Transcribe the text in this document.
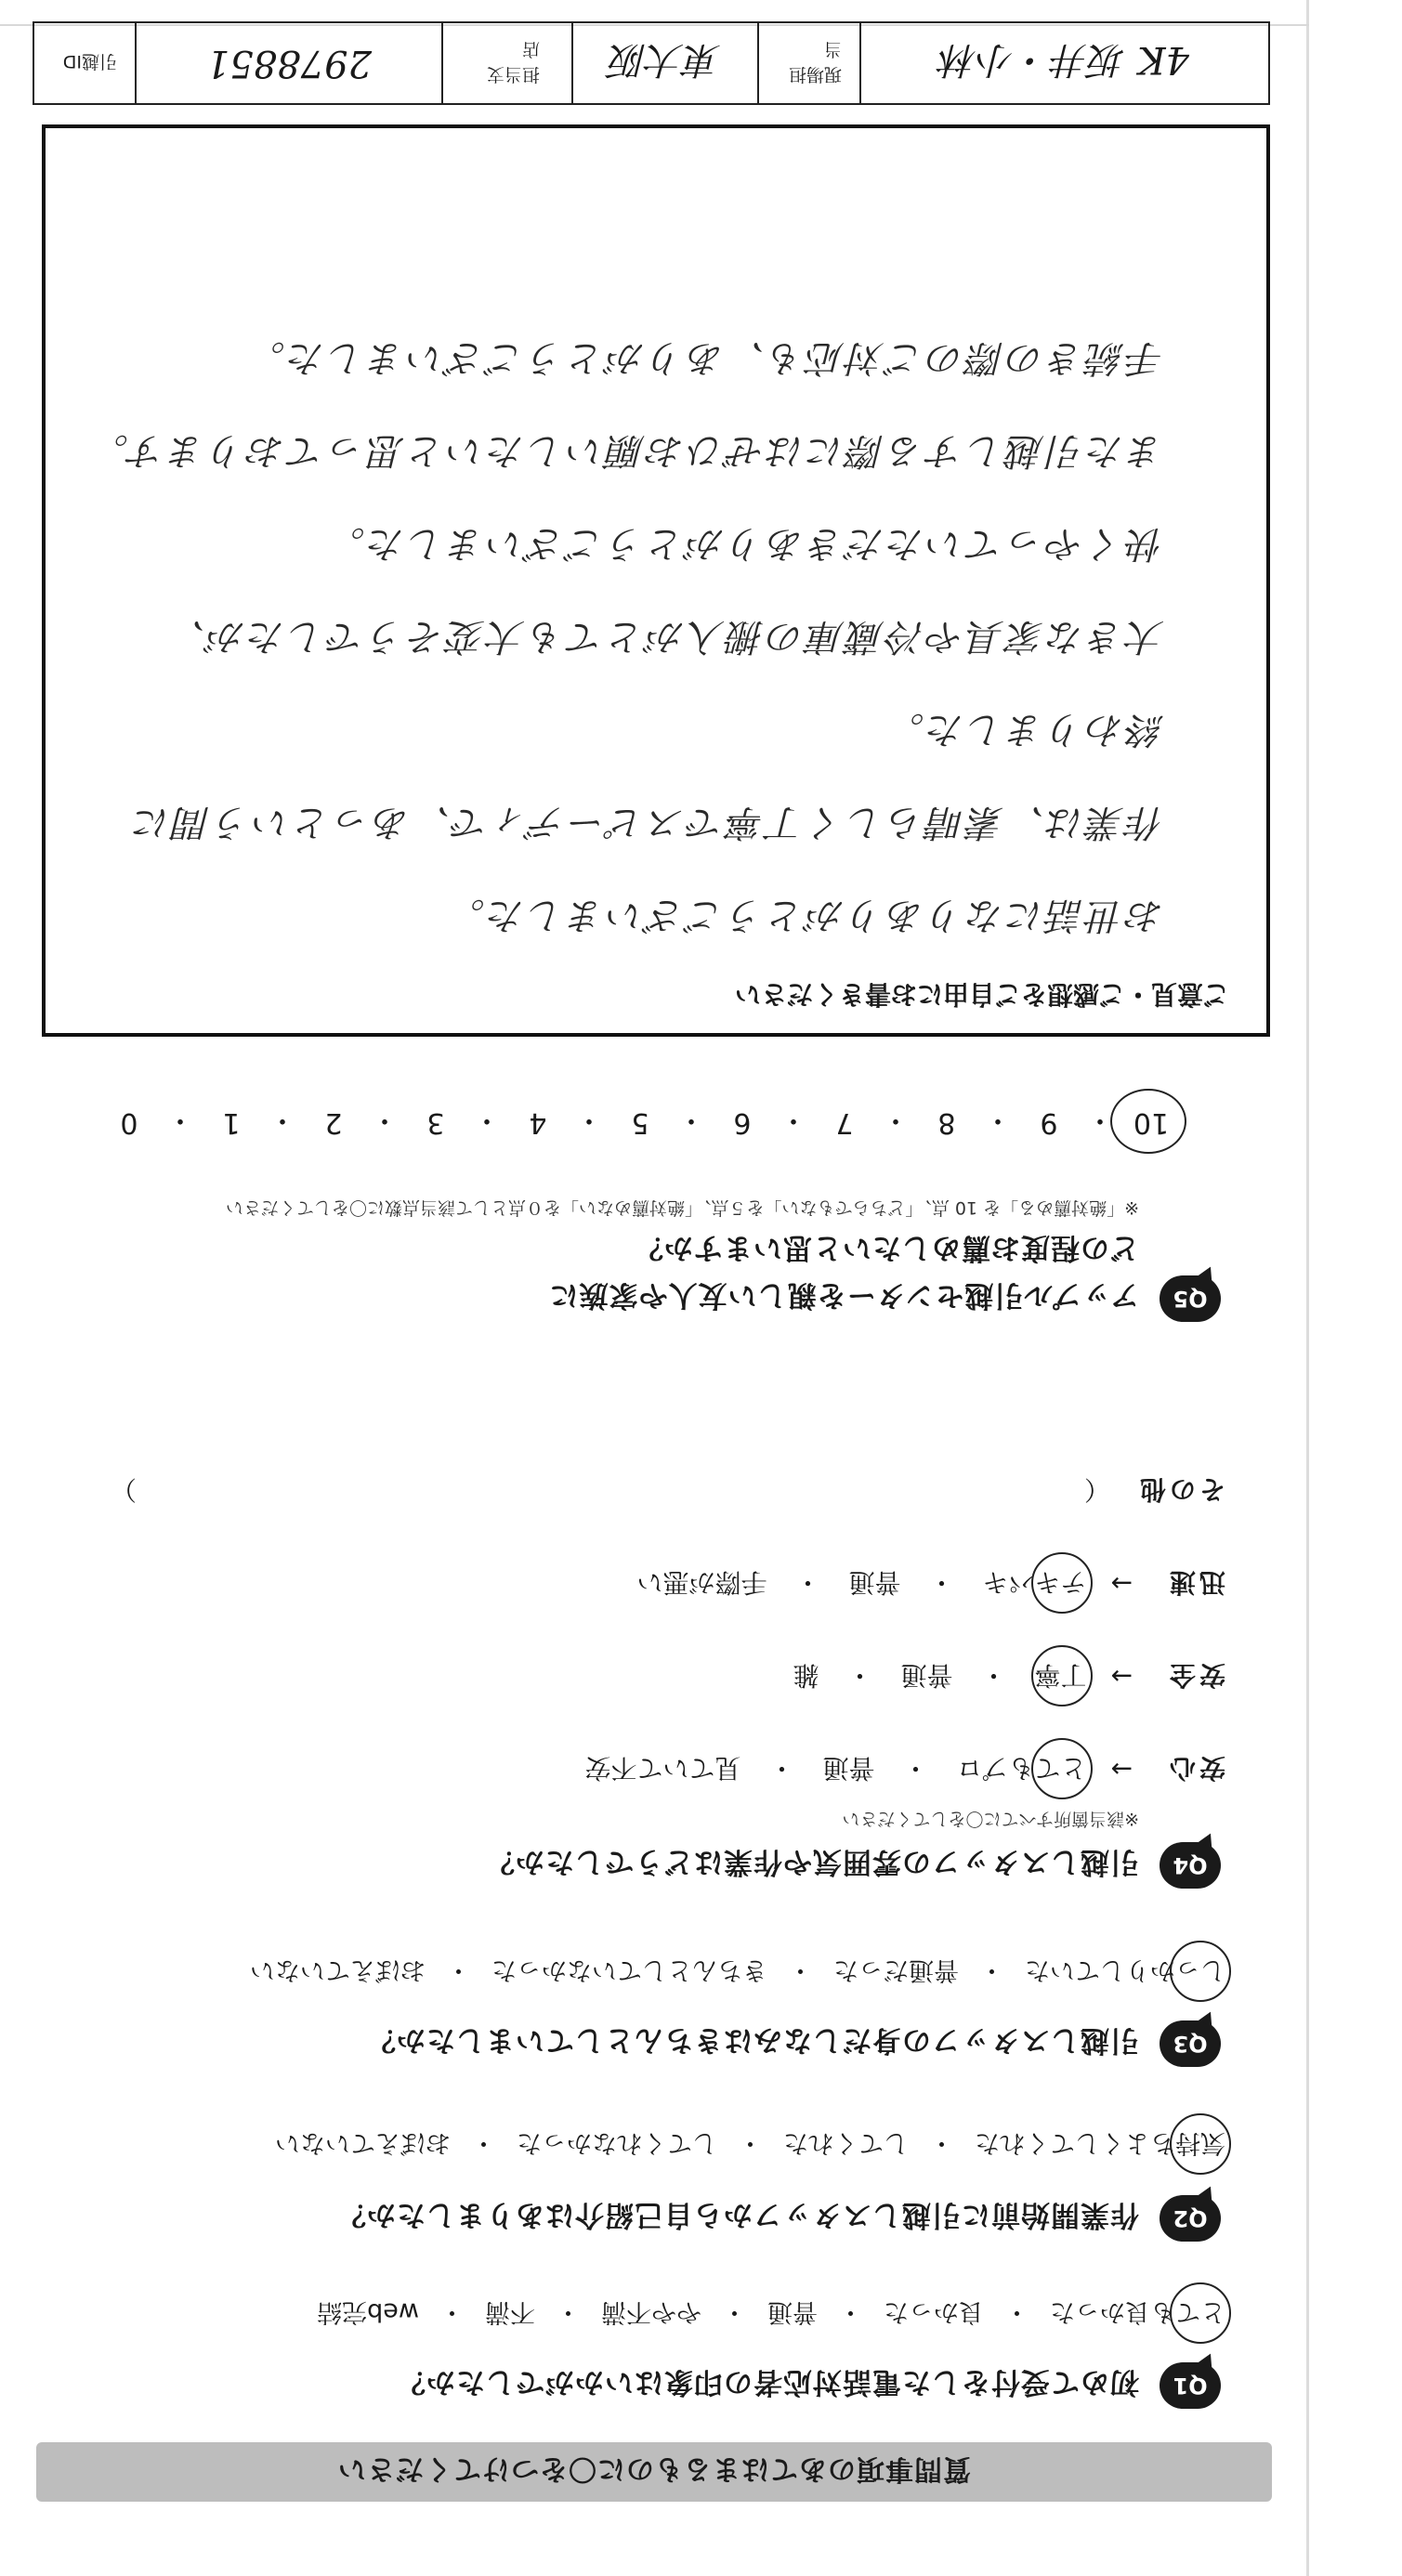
質問事項のあてはまるものに〇をつけてください
Q1
初めて受付をした電話対応者の印象はいかがでしたか？
とても良かった
・
良かった
・
普通
・
やや不満
・
不満
・
web完結
Q2
作業開始前に引越しスタッフから自己紹介はありましたか？
気持ちよくしてくれた
・
してくれた
・
してくれなかった
・
おぼえていない
Q3
引越しスタッフの身だしなみはきちんとしていましたか？
しっかりしていた
・
普通だった
・
きちんとしていなかった
・
おぼえていない
Q4
引越しスタッフの雰囲気や作業はどうでしたか？
※該当箇所すべてに〇をしてください
安心
→
とてもプロ
・
普通
・
見ていて不安
安全
→
丁寧
・
普通
・
雑
迅速
→
テキパキ
・
普通
・
手際が悪い
その他
（
）
Q5
アップル引越センターを親しい友人や家族に
どの程度お薦めしたいと思いますか？
※「絶対薦める」を 10 点、「どちらでもない」を５点、「絶対薦めない」を０点として該当点数に〇をしてください
10
・
9
・
8
・
7
・
6
・
5
・
4
・
3
・
2
・
1
・
0
ご意見・ご感想をご自由にお書きください
お世話になりありがとうございました。
作業は、素晴らしく丁寧でスピーディで、あっという間に
終わりました。
大きな家具や冷蔵庫の搬入がとても大変そうでしたが、
快くやっていただきありがとうございました。
また引越しする際にはぜひお願いしたいと思っております。
手続きの際のご対応も、ありがとうございました。
4K 坂井・小林
現場担当
東大阪
担当支店
2978851
引越ID
